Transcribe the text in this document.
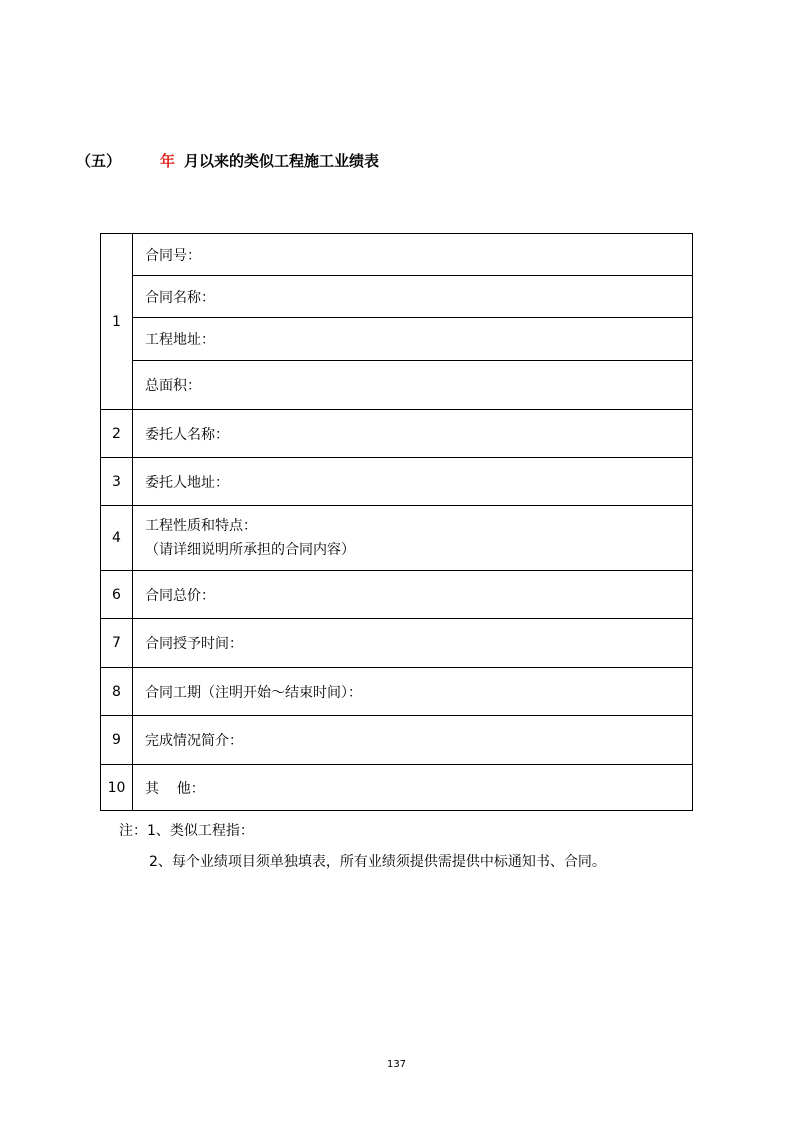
（五）	年 月以来的类似工程施工业绩表
1	合同号：
	合同名称：
	工程地址：
	总面积：
2	委托人名称：
3	委托人地址：
4	工程性质和特点：
（请详细说明所承担的合同内容）

6	合同总价：
7	合同授予时间：
8	合同工期（注明开始～结束时间）：
9	完成情况简介：
10	其    他：
注：1、类似工程指：
2、每个业绩项目须单独填表，所有业绩须提供需提供中标通知书、合同。
137
